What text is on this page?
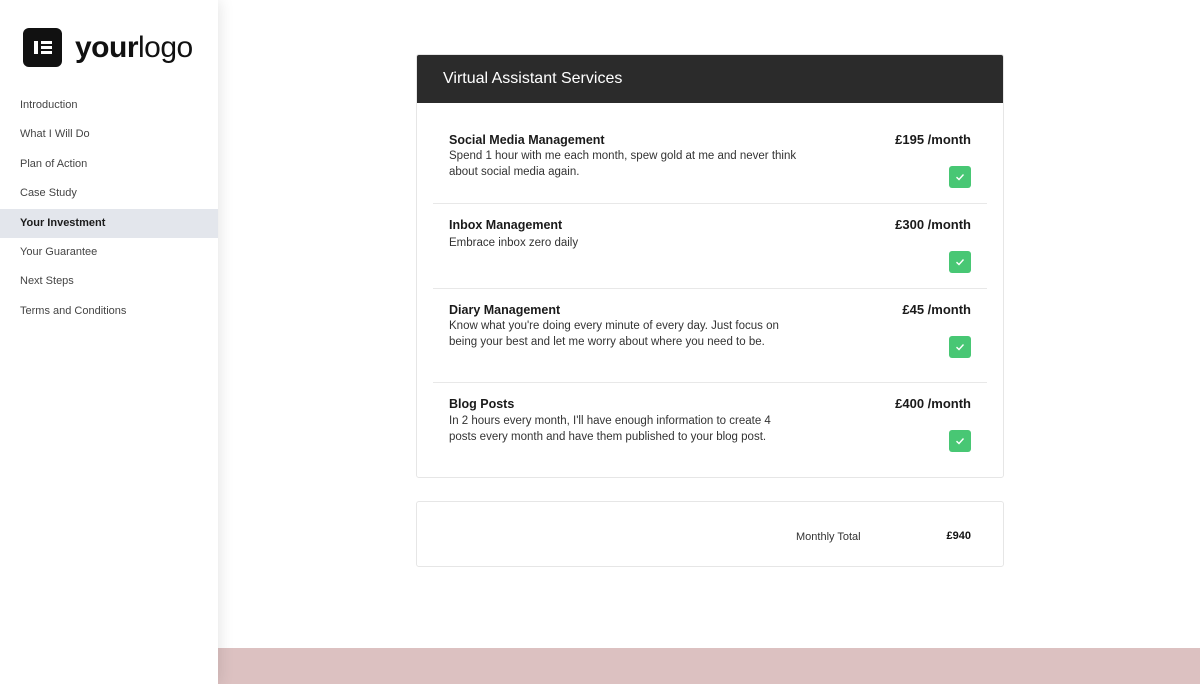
yourlogo
Introduction
What I Will Do
Plan of Action
Case Study
Your Investment
Your Guarantee
Next Steps
Terms and Conditions
Virtual Assistant Services
Social Media Management
Spend 1 hour with me each month, spew gold at me and never think about social media again.
£195 /month
Inbox Management
Embrace inbox zero daily
£300 /month
Diary Management
Know what you're doing every minute of every day. Just focus on being your best and let me worry about where you need to be.
£45 /month
Blog Posts
In 2 hours every month, I'll have enough information to create 4 posts every month and have them published to your blog post.
£400 /month
Monthly Total	£940
